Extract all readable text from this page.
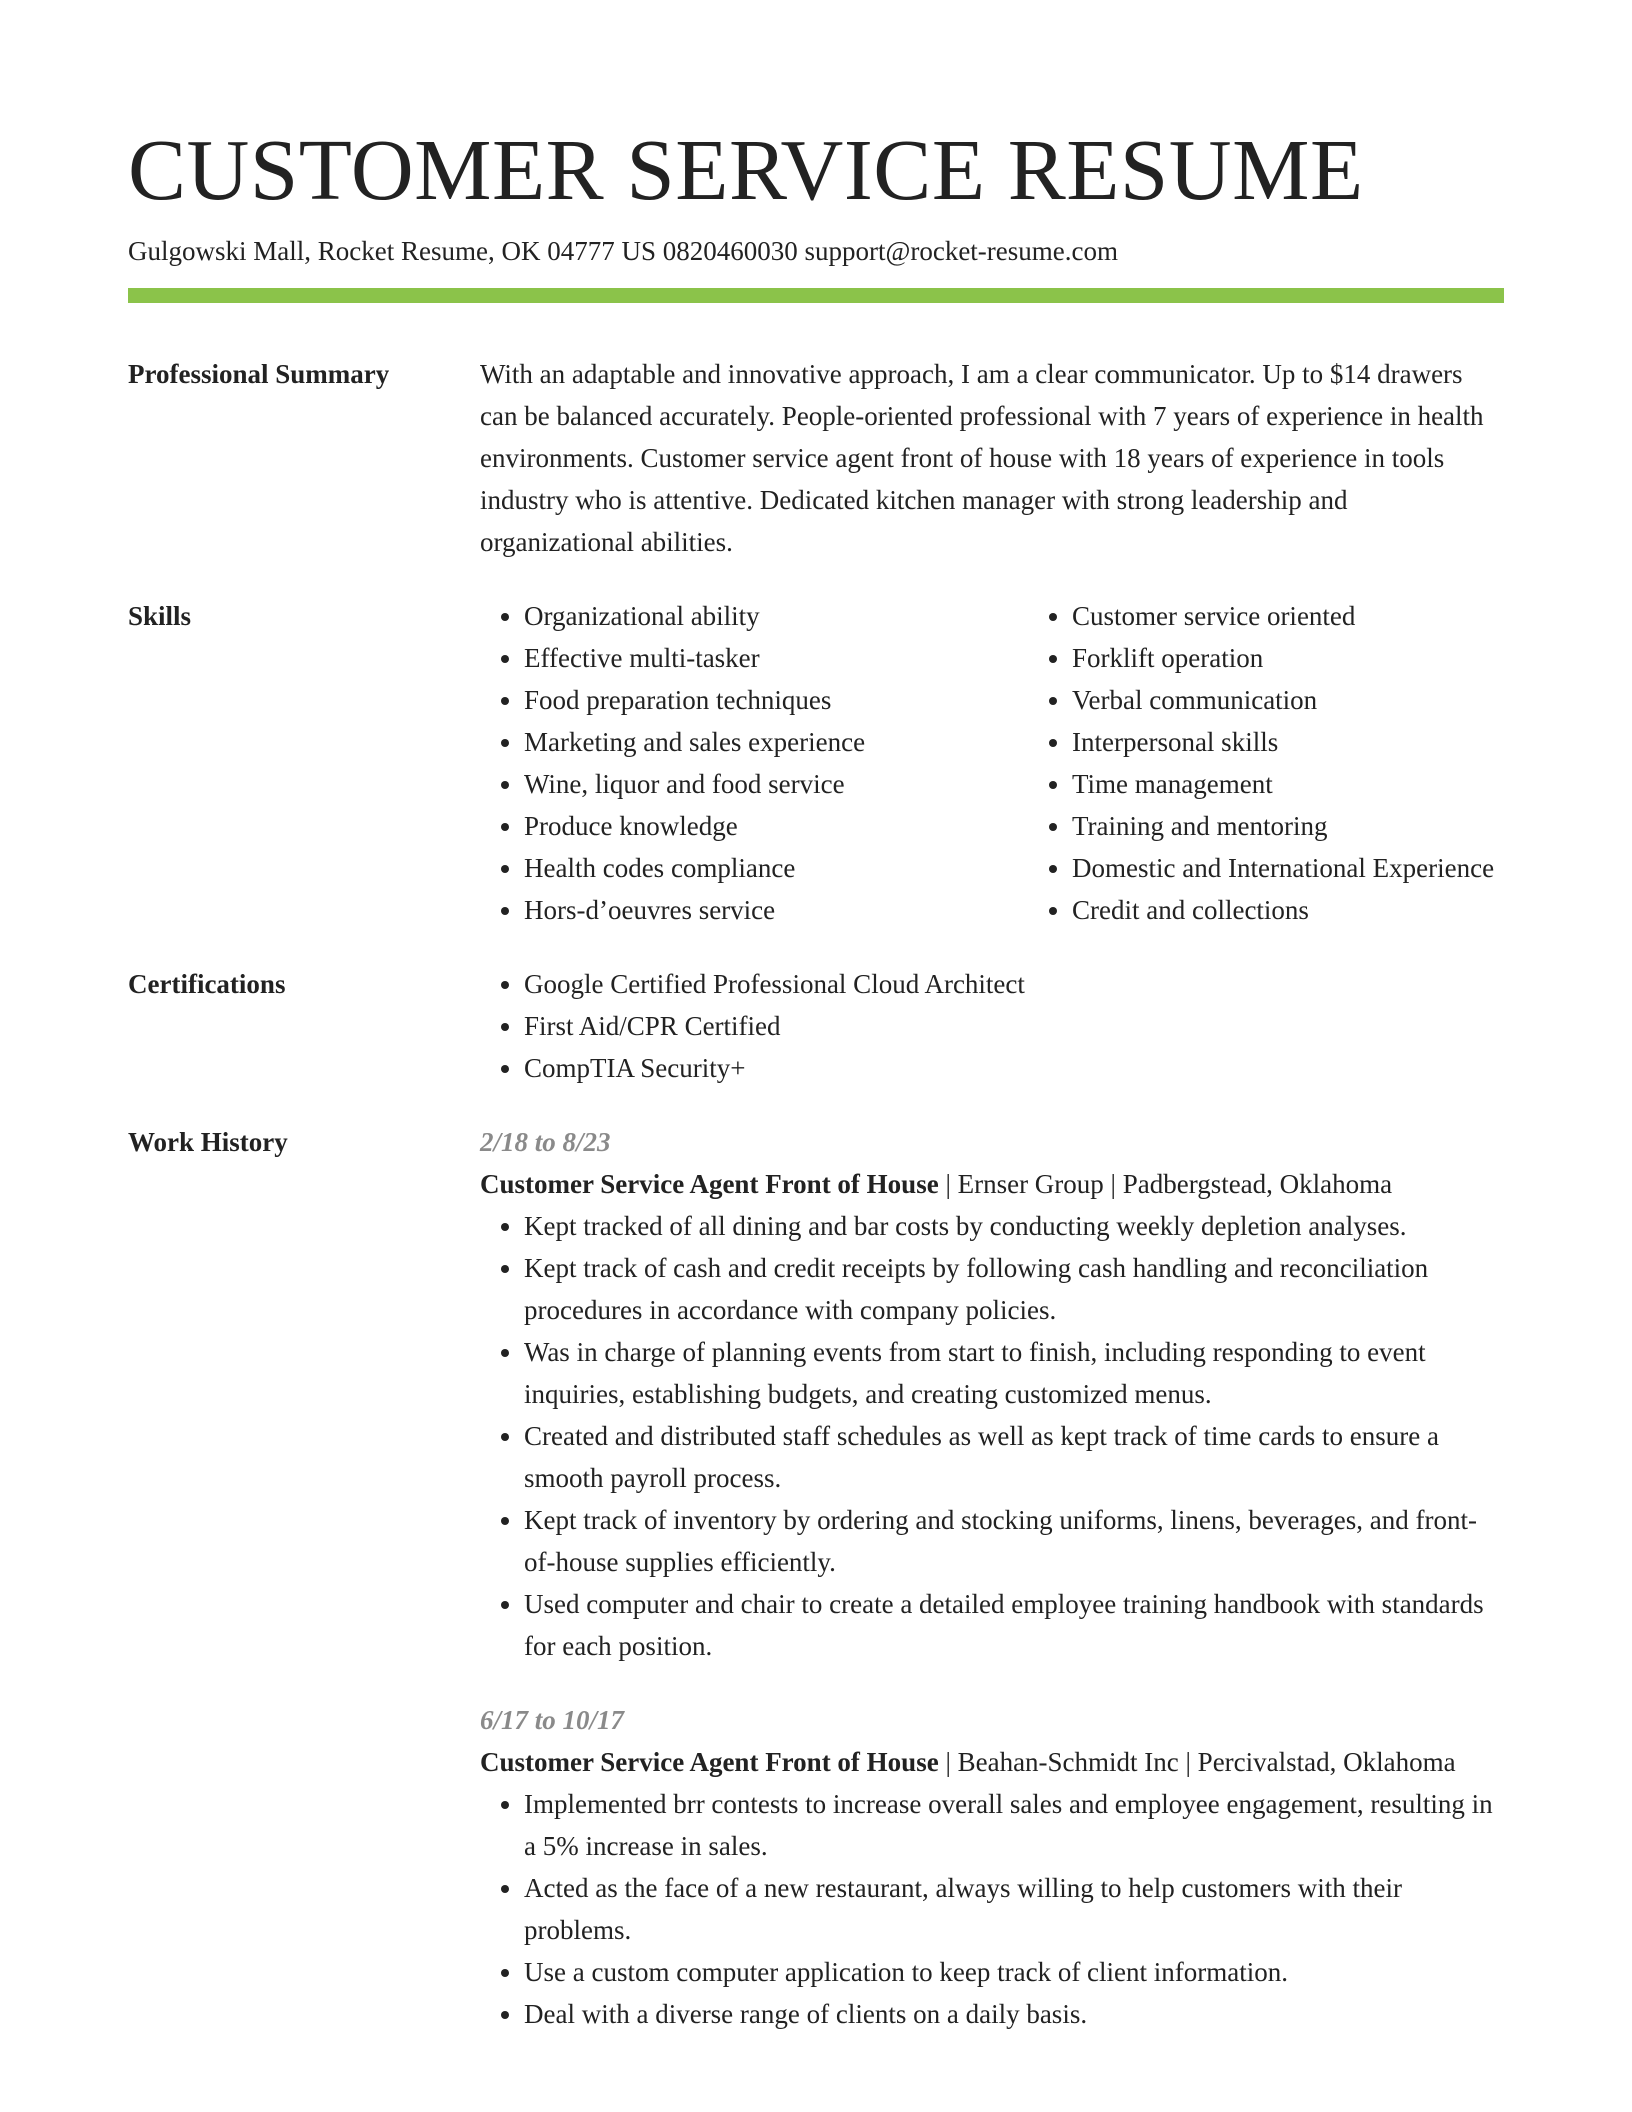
CUSTOMER SERVICE RESUME
Gulgowski Mall, Rocket Resume, OK 04777 US 0820460030 support@rocket-resume.com
Professional Summary	With an adaptable and innovative approach, I am a clear communicator. Up to $14 drawers can be balanced accurately. People-oriented professional with 7 years of experience in health environments. Customer service agent front of house with 18 years of experience in tools industry who is attentive. Dedicated kitchen manager with strong leadership and organizational abilities.
Skills	• Organizational ability
• Effective multi-tasker
• Food preparation techniques
• Marketing and sales experience
• Wine, liquor and food service
• Produce knowledge
• Health codes compliance
• Hors-d’oeuvres service
• Customer service oriented
• Forklift operation
• Verbal communication
• Interpersonal skills
• Time management
• Training and mentoring
• Domestic and International Experience
• Credit and collections
Certifications	• Google Certified Professional Cloud Architect
• First Aid/CPR Certified
• CompTIA Security+
Work History	2/18 to 8/23
Customer Service Agent Front of House | Ernser Group | Padbergstead, Oklahoma
• Kept tracked of all dining and bar costs by conducting weekly depletion analyses.
• Kept track of cash and credit receipts by following cash handling and reconciliation procedures in accordance with company policies.
• Was in charge of planning events from start to finish, including responding to event inquiries, establishing budgets, and creating customized menus.
• Created and distributed staff schedules as well as kept track of time cards to ensure a smooth payroll process.
• Kept track of inventory by ordering and stocking uniforms, linens, beverages, and front-of-house supplies efficiently.
• Used computer and chair to create a detailed employee training handbook with standards for each position.
6/17 to 10/17
Customer Service Agent Front of House | Beahan-Schmidt Inc | Percivalstad, Oklahoma
• Implemented brr contests to increase overall sales and employee engagement, resulting in a 5% increase in sales.
• Acted as the face of a new restaurant, always willing to help customers with their problems.
• Use a custom computer application to keep track of client information.
• Deal with a diverse range of clients on a daily basis.
